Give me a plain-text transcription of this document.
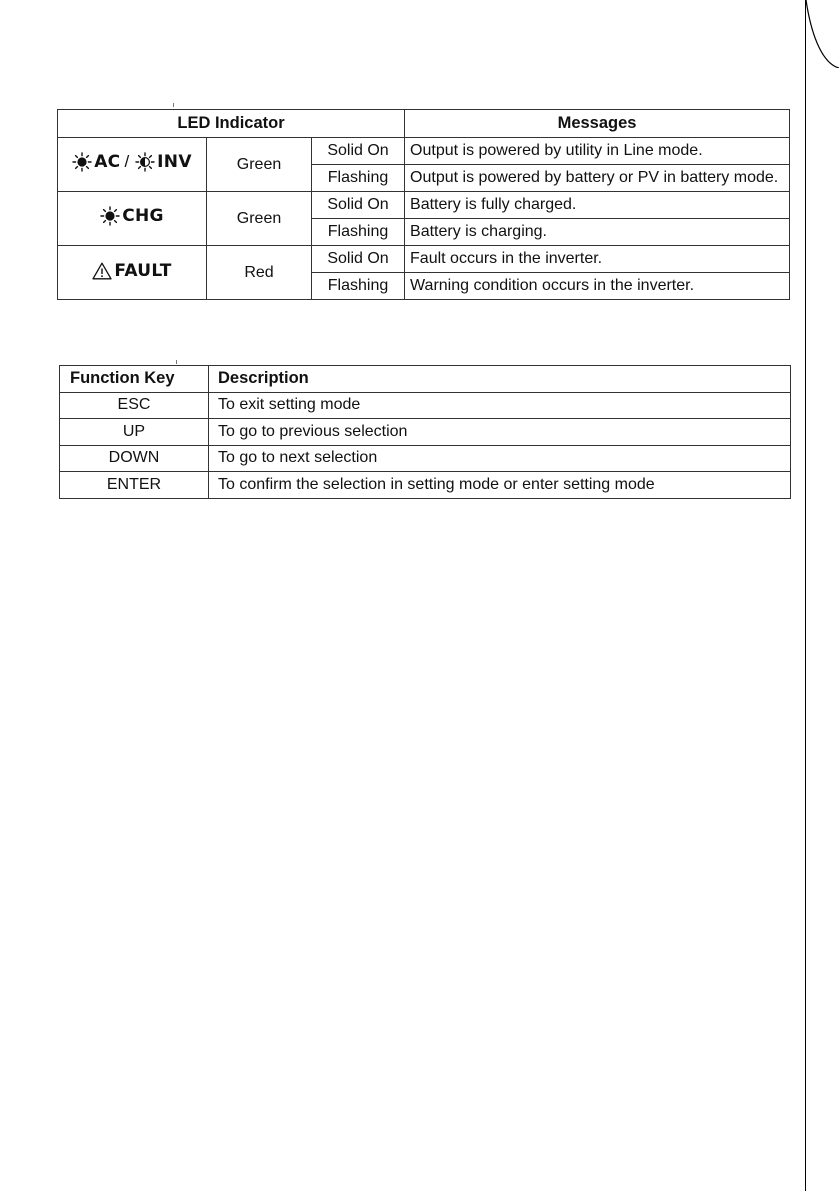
LED Indicator			Messages

AC / INV	Green	Solid On	Output is powered by utility in Line mode.
		Flashing	Output is powered by battery or PV in battery mode.

CHG	Green	Solid On	Battery is fully charged.
		Flashing	Battery is charging.

FAULT	Red	Solid On	Fault occurs in the inverter.
		Flashing	Warning condition occurs in the inverter.
Function Key	Description
ESC	To exit setting mode
UP	To go to previous selection
DOWN	To go to next selection
ENTER	To confirm the selection in setting mode or enter setting mode
